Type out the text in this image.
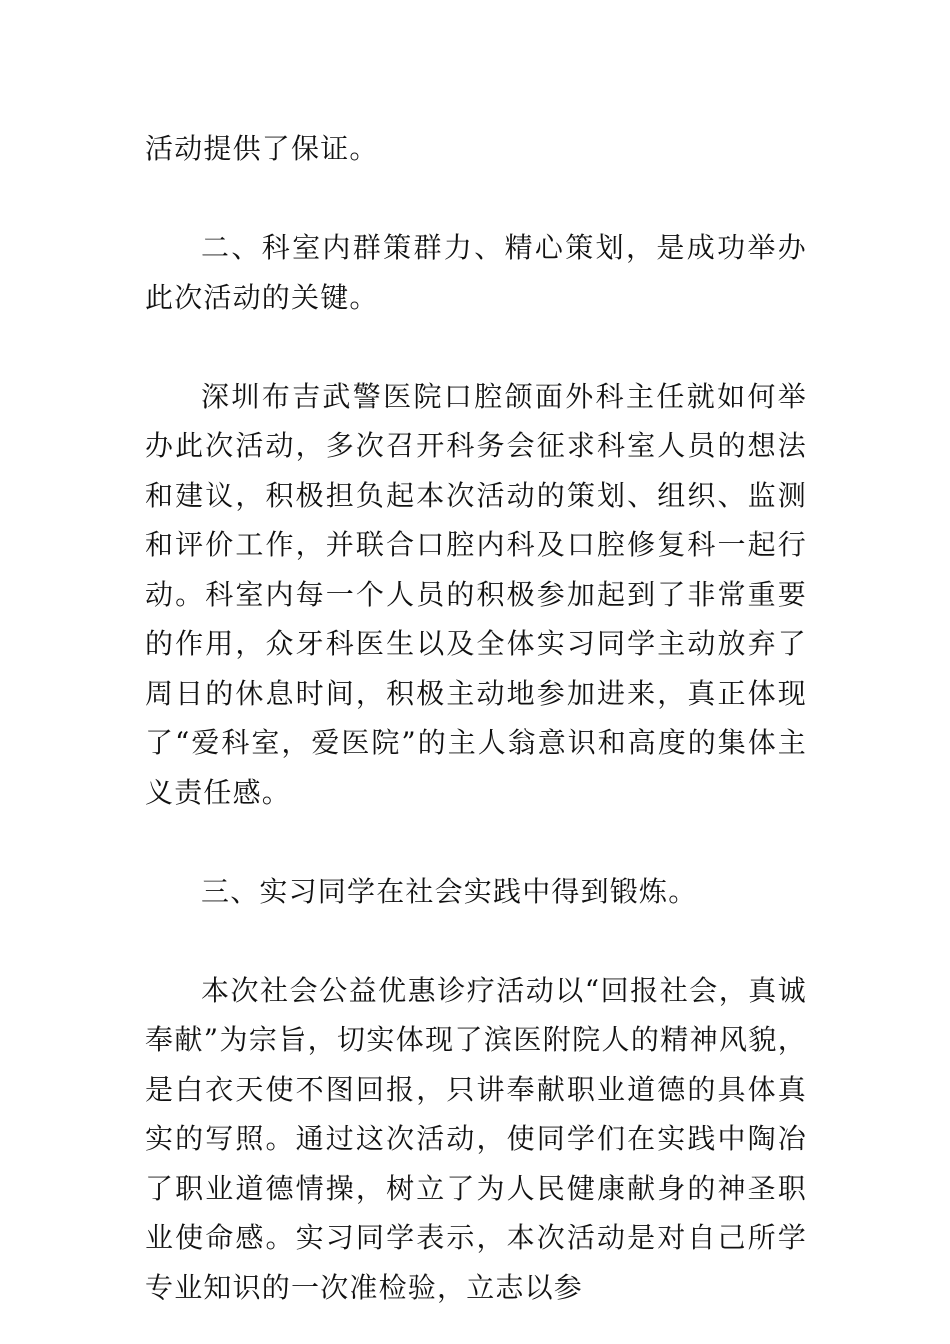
活动提供了保证。

二、科室内群策群力、精心策划，是成功举办此次活动的关键。

深圳布吉武警医院口腔颌面外科主任就如何举办此次活动，多次召开科务会征求科室人员的想法和建议，积极担负起本次活动的策划、组织、监测和评价工作，并联合口腔内科及口腔修复科一起行动。科室内每一个人员的积极参加起到了非常重要的作用，众牙科医生以及全体实习同学主动放弃了周日的休息时间，积极主动地参加进来，真正体现了“爱科室，爱医院”的主人翁意识和高度的集体主义责任感。

三、实习同学在社会实践中得到锻炼。

本次社会公益优惠诊疗活动以“回报社会，真诚奉献”为宗旨，切实体现了滨医附院人的精神风貌，是白衣天使不图回报，只讲奉献职业道德的具体真实的写照。通过这次活动，使同学们在实践中陶冶了职业道德情操，树立了为人民健康献身的神圣职业使命感。实习同学表示，本次活动是对自己所学专业知识的一次准检验，立志以参
